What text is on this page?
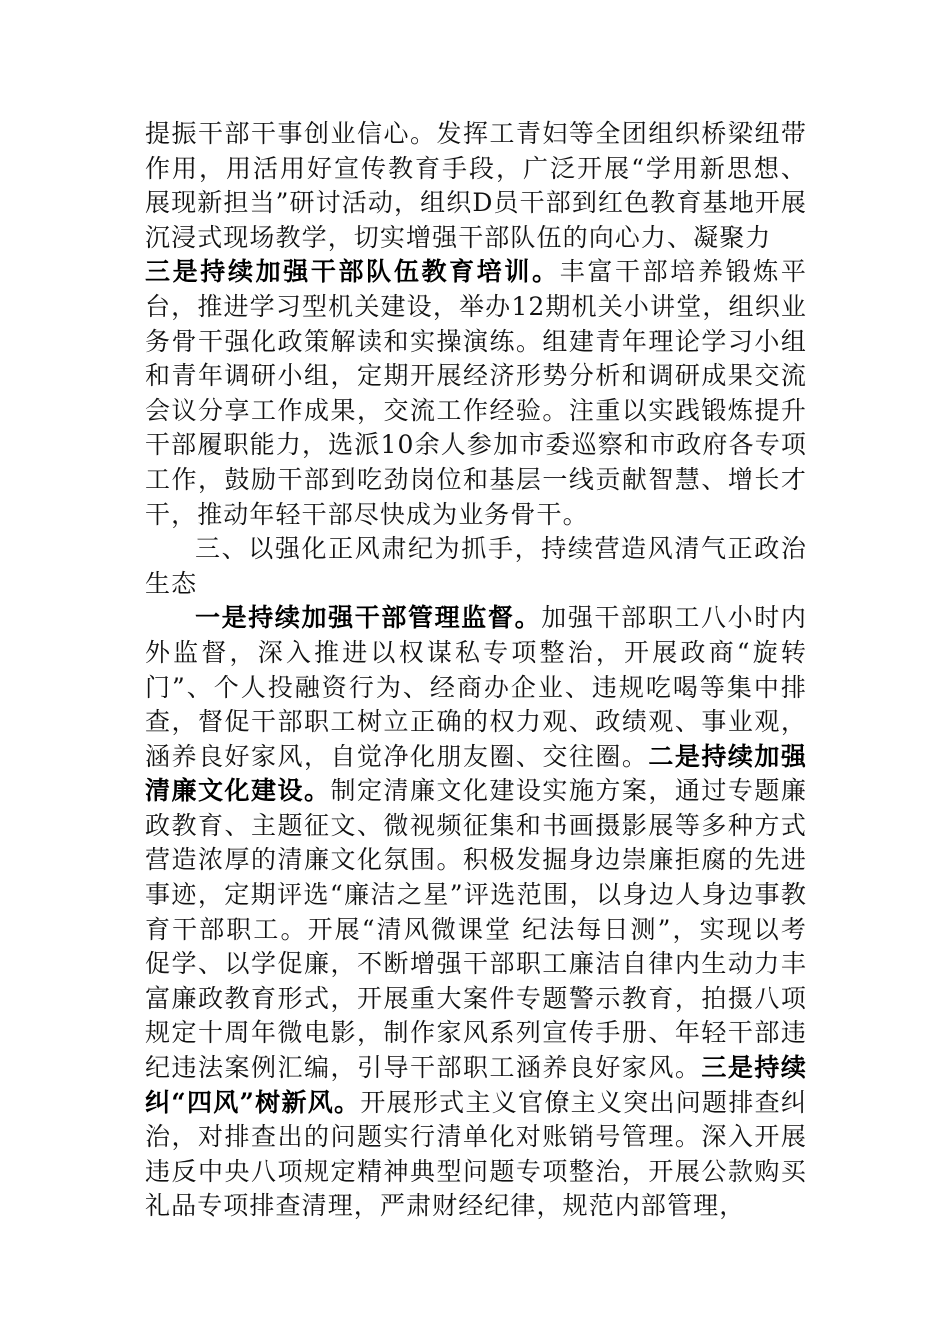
提振干部干事创业信心。发挥工青妇等全团组织桥梁纽带作用，用活用好宣传教育手段，广泛开展“学用新思想、展现新担当”研讨活动，组织D员干部到红色教育基地开展沉浸式现场教学，切实增强干部队伍的向心力、凝聚力

三是持续加强干部队伍教育培训。丰富干部培养锻炼平台，推进学习型机关建设，举办12期机关小讲堂，组织业务骨干强化政策解读和实操演练。组建青年理论学习小组和青年调研小组，定期开展经济形势分析和调研成果交流会议分享工作成果，交流工作经验。注重以实践锻炼提升干部履职能力，选派10余人参加市委巡察和市政府各专项工作，鼓励干部到吃劲岗位和基层一线贡献智慧、增长才干，推动年轻干部尽快成为业务骨干。

三、以强化正风肃纪为抓手，持续营造风清气正政治生态

一是持续加强干部管理监督。加强干部职工八小时内外监督，深入推进以权谋私专项整治，开展政商“旋转门”、个人投融资行为、经商办企业、违规吃喝等集中排查，督促干部职工树立正确的权力观、政绩观、事业观，涵养良好家风，自觉净化朋友圈、交往圈。二是持续加强清廉文化建设。制定清廉文化建设实施方案，通过专题廉政教育、主题征文、微视频征集和书画摄影展等多种方式营造浓厚的清廉文化氛围。积极发掘身边崇廉拒腐的先进事迹，定期评选“廉洁之星”评选范围，以身边人身边事教育干部职工。开展“清风微课堂 纪法每日测”，实现以考促学、以学促廉，不断增强干部职工廉洁自律内生动力丰富廉政教育形式，开展重大案件专题警示教育，拍摄八项规定十周年微电影，制作家风系列宣传手册、年轻干部违纪违法案例汇编，引导干部职工涵养良好家风。三是持续纠“四风”树新风。开展形式主义官僚主义突出问题排查纠治，对排查出的问题实行清单化对账销号管理。深入开展违反中央八项规定精神典型问题专项整治，开展公款购买礼品专项排查清理，严肃财经纪律，规范内部管理，
